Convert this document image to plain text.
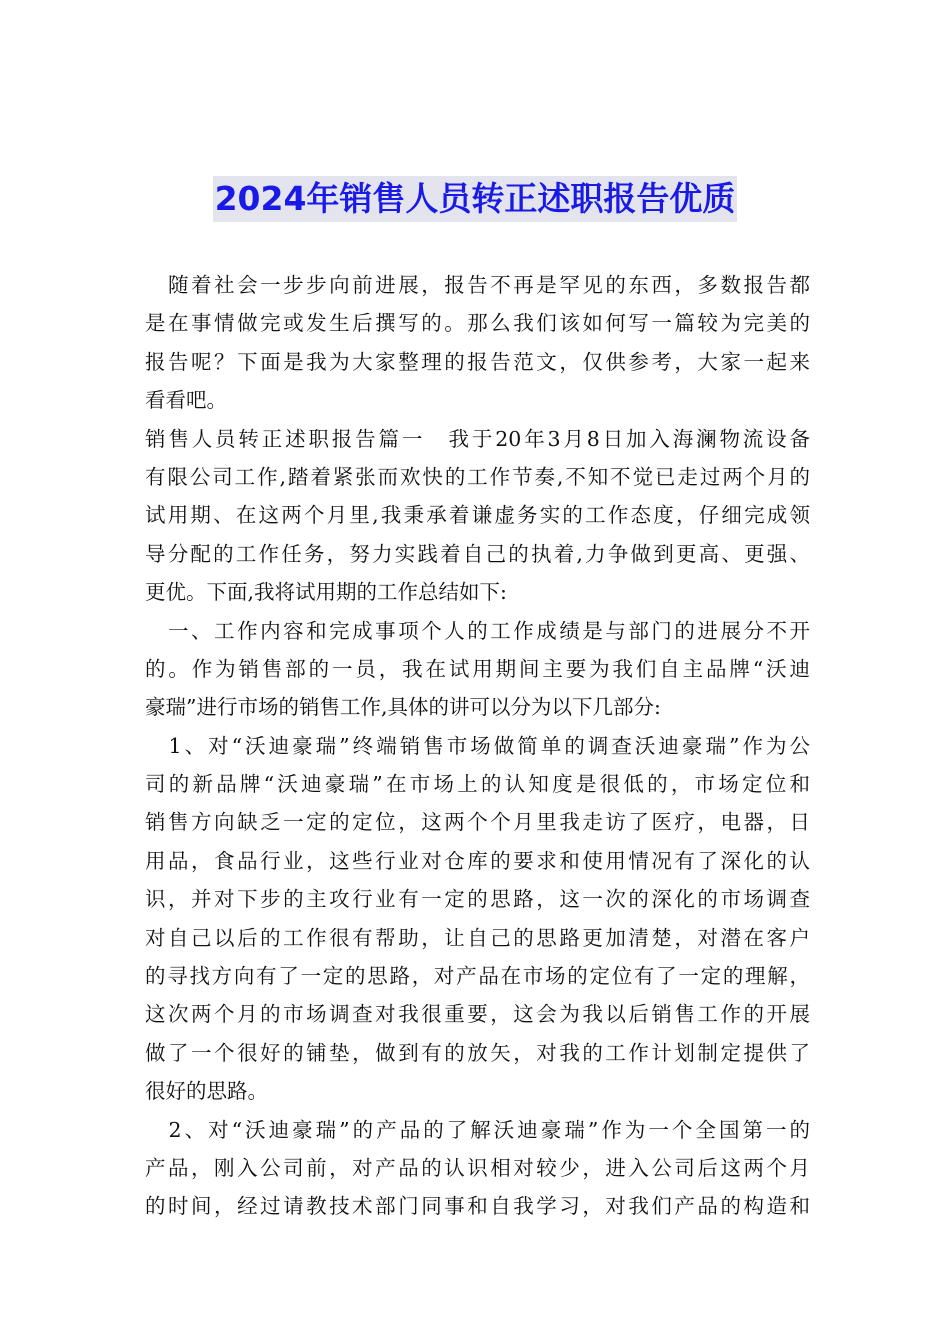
2024年销售人员转正述职报告优质
　随着社会一步步向前进展，报告不再是罕见的东西，多数报告都
是在事情做完或发生后撰写的。那么我们该如何写一篇较为完美的
报告呢？下面是我为大家整理的报告范文，仅供参考，大家一起来
看看吧。
销售人员转正述职报告篇一　我于20年3月8日加入海澜物流设备
有限公司工作,踏着紧张而欢快的工作节奏,不知不觉已走过两个月的
试用期、在这两个月里,我秉承着谦虚务实的工作态度，仔细完成领
导分配的工作任务，努力实践着自己的执着,力争做到更高、更强、
更优。下面,我将试用期的工作总结如下:
　一、工作内容和完成事项个人的工作成绩是与部门的进展分不开
的。作为销售部的一员，我在试用期间主要为我们自主品牌“沃迪
豪瑞”进行市场的销售工作,具体的讲可以分为以下几部分:
　1、对“沃迪豪瑞”终端销售市场做简单的调查沃迪豪瑞”作为公
司的新品牌“沃迪豪瑞”在市场上的认知度是很低的，市场定位和
销售方向缺乏一定的定位，这两个个月里我走访了医疗，电器，日
用品，食品行业，这些行业对仓库的要求和使用情况有了深化的认
识，并对下步的主攻行业有一定的思路，这一次的深化的市场调查
对自己以后的工作很有帮助，让自己的思路更加清楚，对潜在客户
的寻找方向有了一定的思路，对产品在市场的定位有了一定的理解，
这次两个月的市场调查对我很重要，这会为我以后销售工作的开展
做了一个很好的铺垫，做到有的放矢，对我的工作计划制定提供了
很好的思路。
　2、对“沃迪豪瑞”的产品的了解沃迪豪瑞”作为一个全国第一的
产品，刚入公司前，对产品的认识相对较少，进入公司后这两个月
的时间，经过请教技术部门同事和自我学习，对我们产品的构造和
